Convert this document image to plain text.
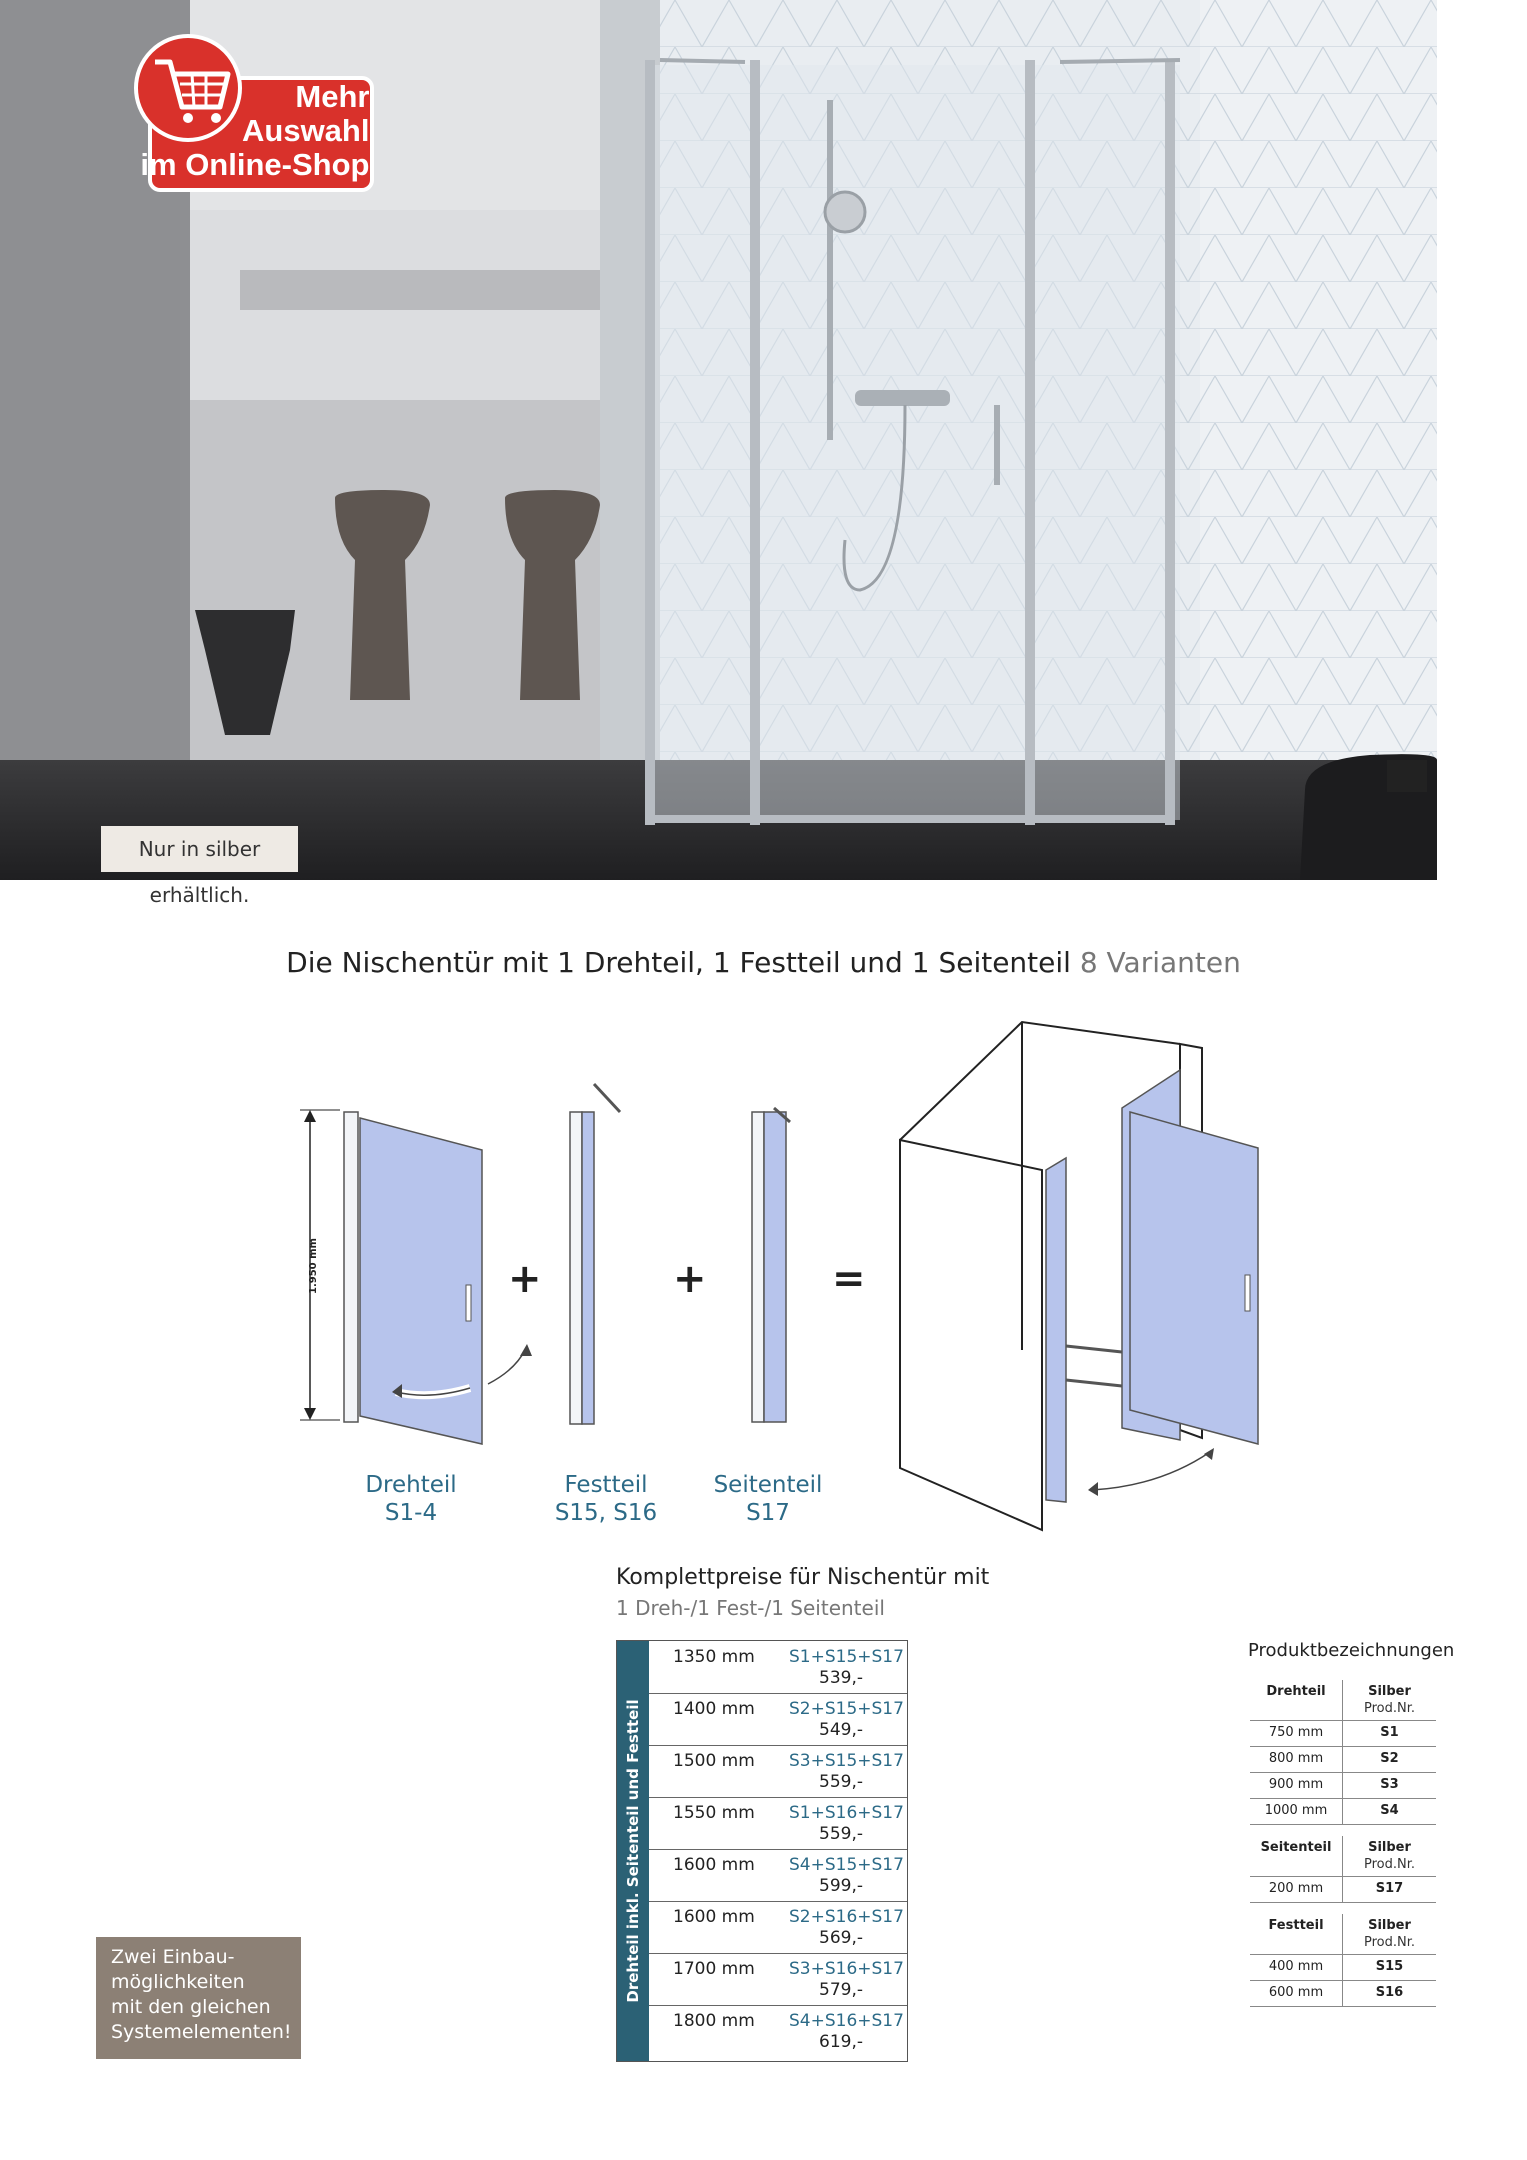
Mehr
Auswahl
im Online-Shop
Nur in silber erhältlich.
Die Nischentür mit 1 Drehteil, 1 Festteil und 1 Seitenteil 8 Varianten
1.950 mm	+	+	=
Drehteil
S1-4
Festteil
S15, S16
Seitenteil
S17
Komplettpreise für Nischentür mit
1 Dreh-/1 Fest-/1 Seitenteil
Drehteil inkl. Seitenteil und Festteil
1350 mm S1+S15+S17
539,-
1400 mm S2+S15+S17
549,-
1500 mm S3+S15+S17
559,-
1550 mm S1+S16+S17
559,-
1600 mm S4+S15+S17
599,-
1600 mm S2+S16+S17
569,-
1700 mm S3+S16+S17
579,-
1800 mm S4+S16+S17
619,-
Produktbezeichnungen
Drehteil	Silber
Prod.Nr.
750 mm	S1
800 mm	S2
900 mm	S3
1000 mm	S4
Seitenteil	Silber
Prod.Nr.
200 mm	S17
Festteil	Silber
Prod.Nr.
400 mm	S15
600 mm	S16
Zwei Einbau-
möglichkeiten
mit den gleichen
Systemelementen!
